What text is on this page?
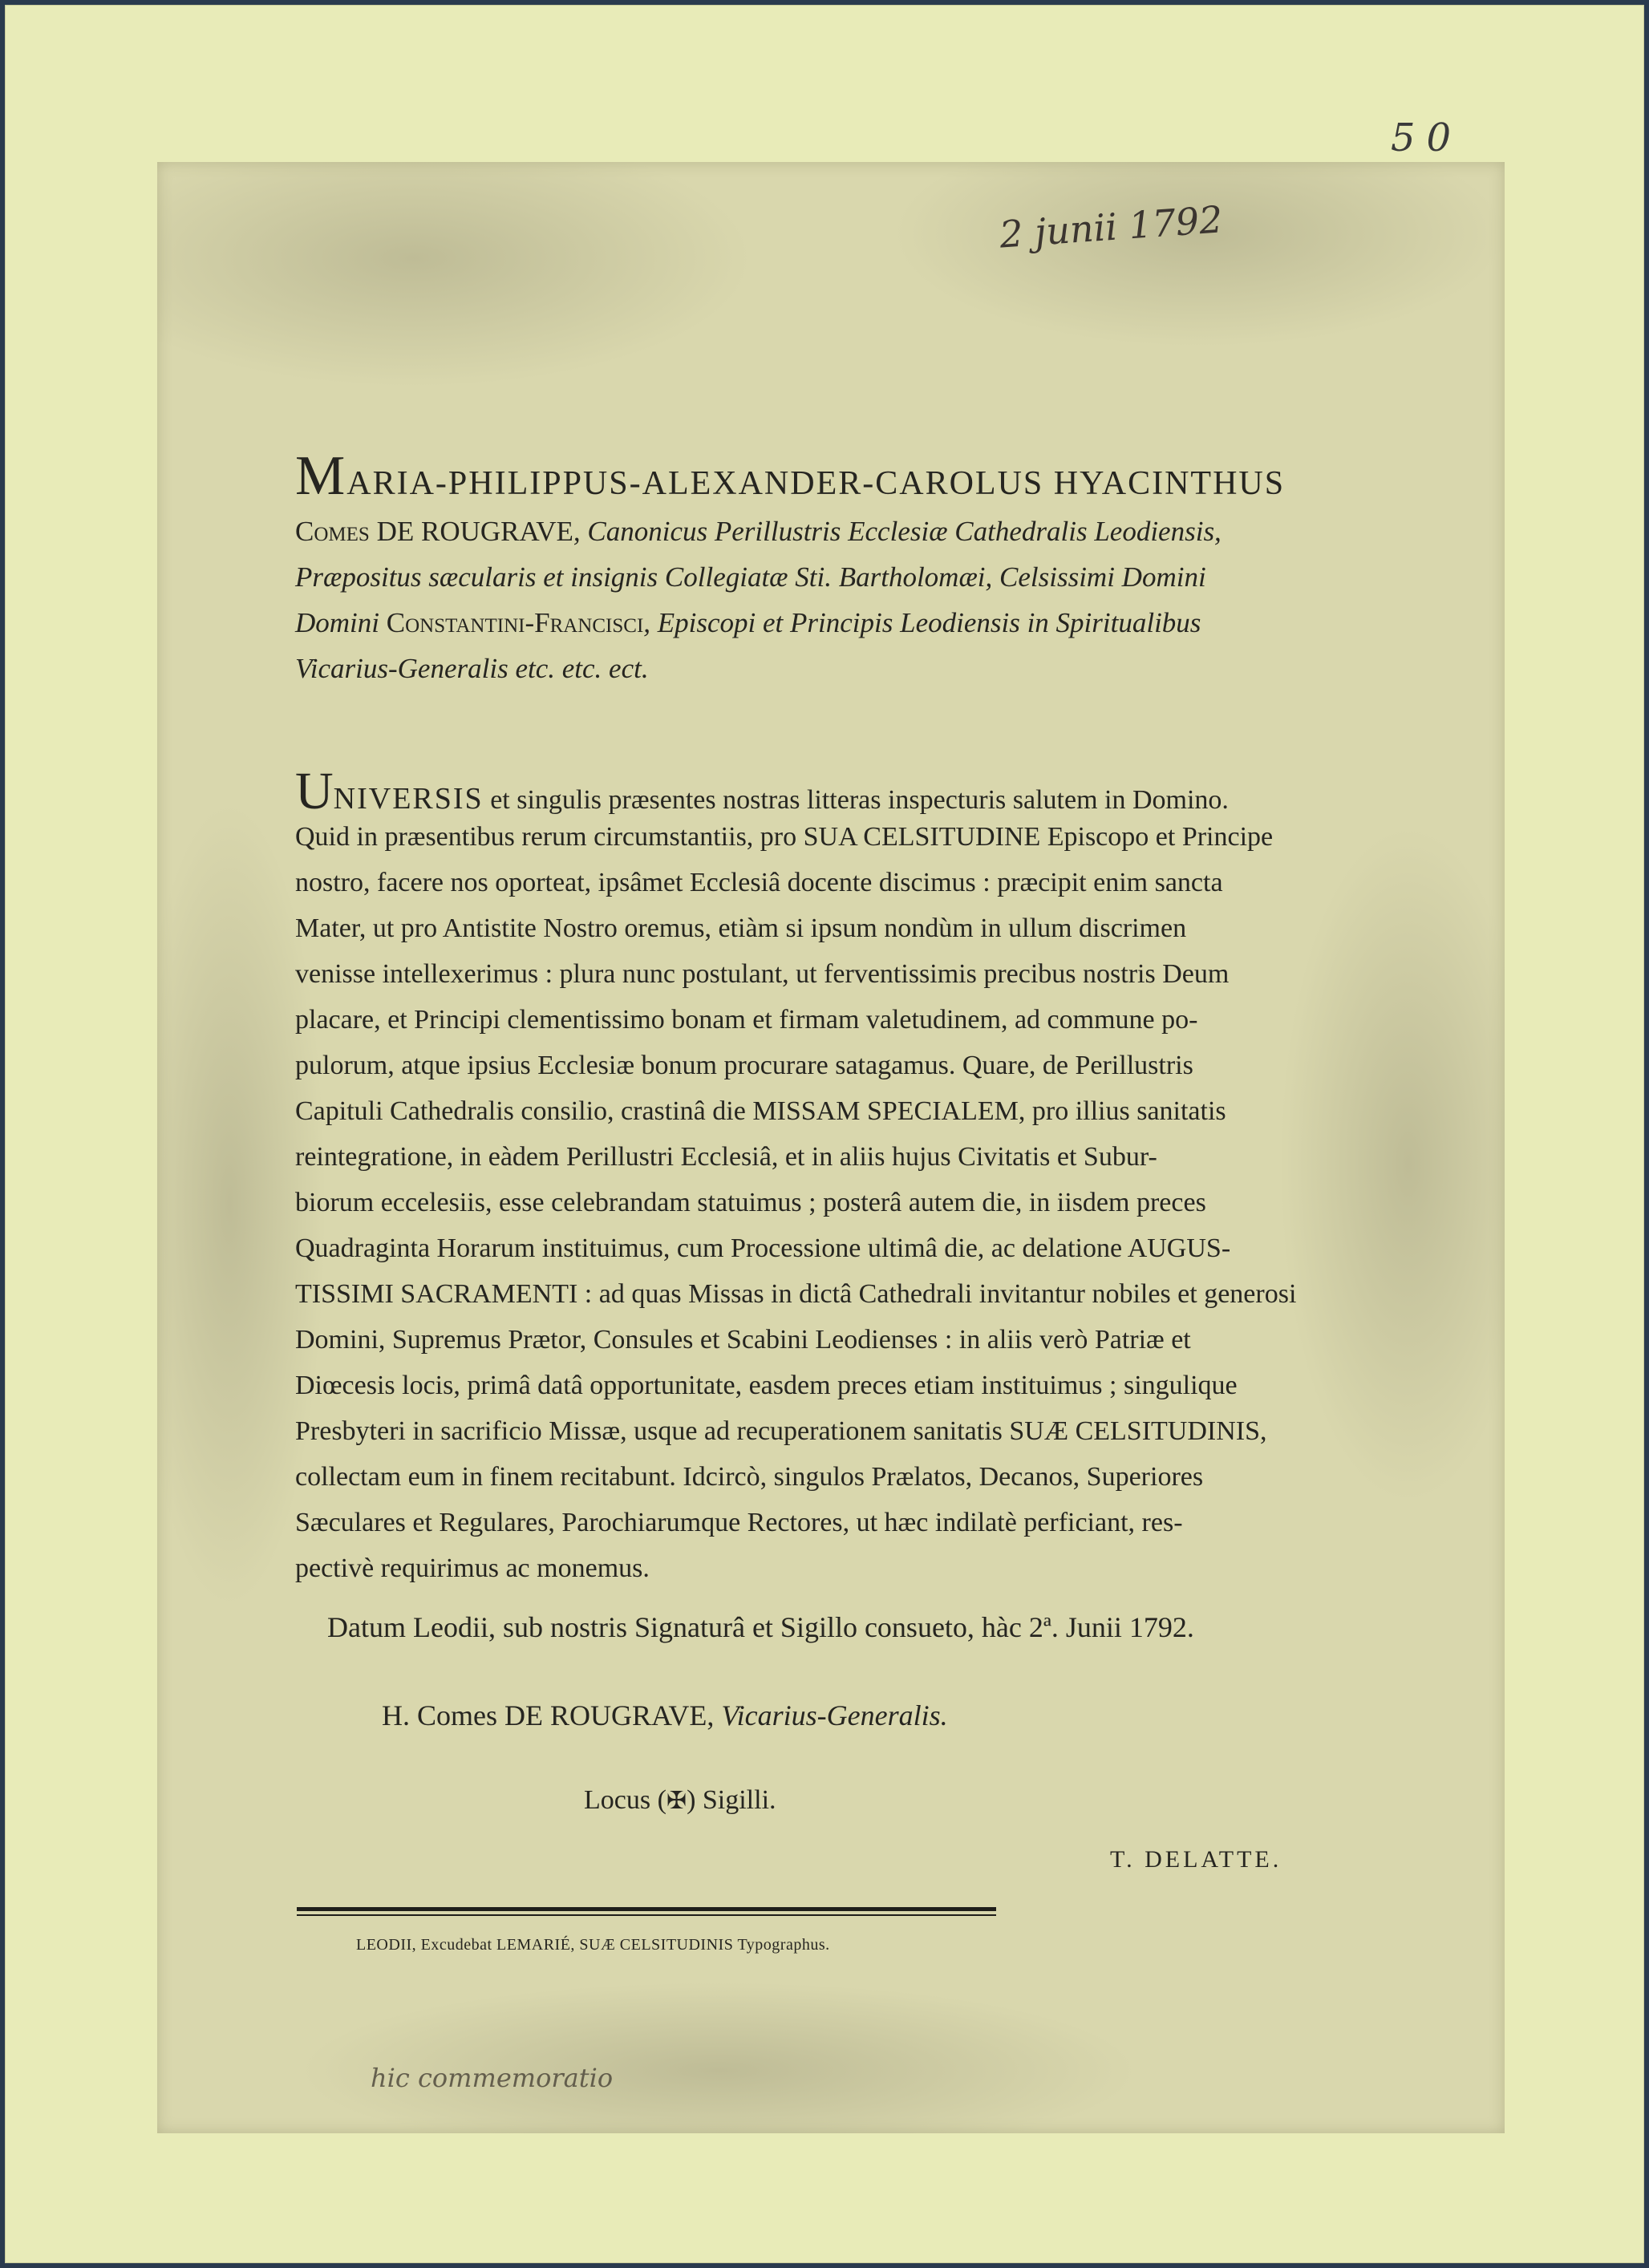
50
2 junii 1792
MARIA-PHILIPPUS-ALEXANDER-CAROLUS HYACINTHUS
Comes DE ROUGRAVE, Canonicus Perillustris Ecclesiæ Cathedralis Leodiensis,
Præpositus sæcularis et insignis Collegiatæ Sti. Bartholomæi, Celsissimi Domini
Domini Constantini-Francisci, Episcopi et Principis Leodiensis in Spiritualibus
Vicarius-Generalis etc. etc. ect.
UNIVERSIS et singulis præsentes nostras litteras inspecturis salutem in Domino.
Quid in præsentibus rerum circumstantiis, pro SUA CELSITUDINE Episcopo et Principe
nostro, facere nos oporteat, ipsâmet Ecclesiâ docente discimus : præcipit enim sancta
Mater, ut pro Antistite Nostro oremus, etiàm si ipsum nondùm in ullum discrimen
venisse intellexerimus : plura nunc postulant, ut ferventissimis precibus nostris Deum
placare, et Principi clementissimo bonam et firmam valetudinem, ad commune po-
pulorum, atque ipsius Ecclesiæ bonum procurare satagamus. Quare, de Perillustris
Capituli Cathedralis consilio, crastinâ die MISSAM SPECIALEM, pro illius sanitatis
reintegratione, in eàdem Perillustri Ecclesiâ, et in aliis hujus Civitatis et Subur-
biorum eccelesiis, esse celebrandam statuimus ; posterâ autem die, in iisdem preces
Quadraginta Horarum instituimus, cum Processione ultimâ die, ac delatione AUGUS-
TISSIMI SACRAMENTI : ad quas Missas in dictâ Cathedrali invitantur nobiles et generosi
Domini, Supremus Prætor, Consules et Scabini Leodienses : in aliis verò Patriæ et
Diœcesis locis, primâ datâ opportunitate, easdem preces etiam instituimus ; singulique
Presbyteri in sacrificio Missæ, usque ad recuperationem sanitatis SUÆ CELSITUDINIS,
collectam eum in finem recitabunt. Idcircò, singulos Prælatos, Decanos, Superiores
Sæculares et Regulares, Parochiarumque Rectores, ut hæc indilatè perficiant, res-
pectivè requirimus ac monemus.
Datum Leodii, sub nostris Signaturâ et Sigillo consueto, hàc 2ª. Junii 1792.
H. Comes DE ROUGRAVE, Vicarius-Generalis.
Locus (✠) Sigilli.
T. DELATTE.
LEODII, Excudebat LEMARIÉ, SUÆ CELSITUDINIS Typographus.
hic commemoratio
